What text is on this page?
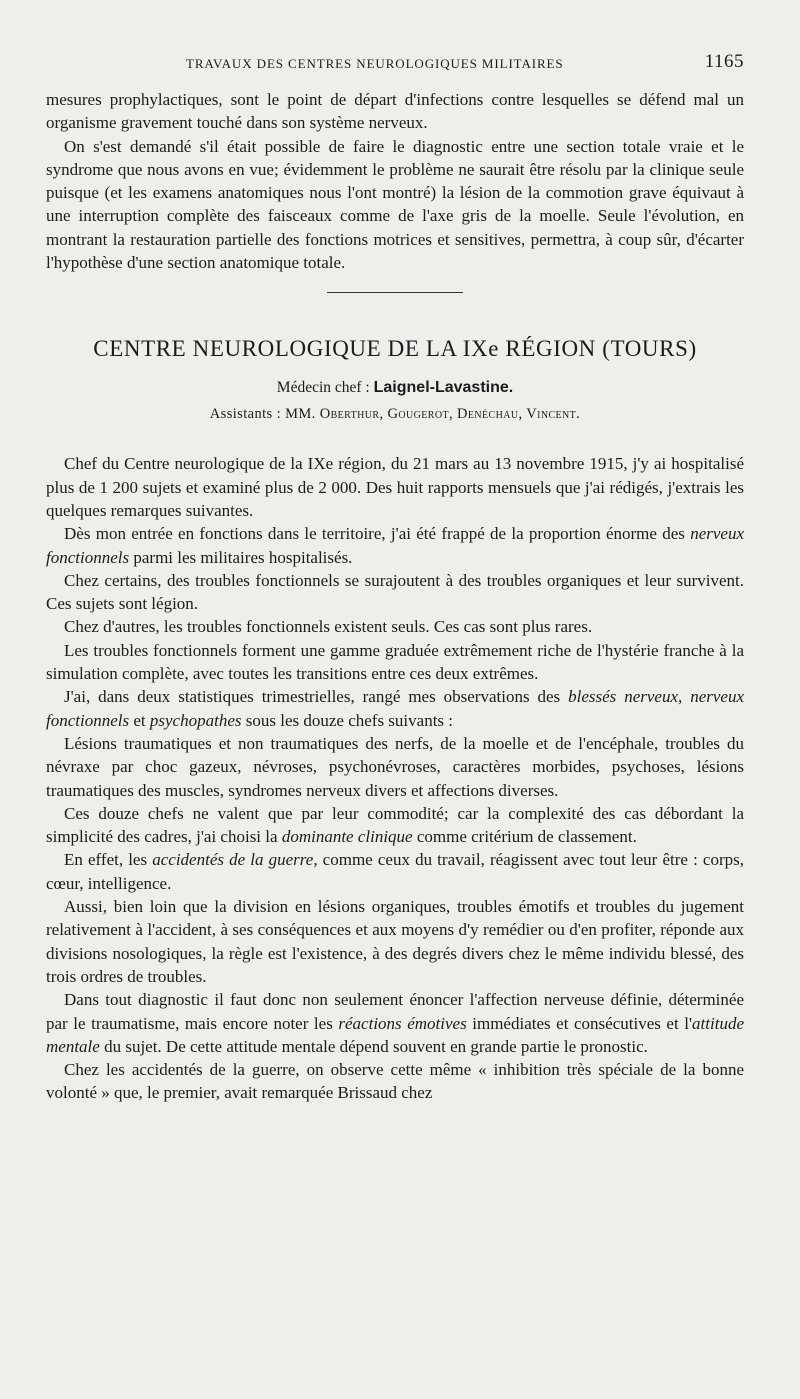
TRAVAUX DES CENTRES NEUROLOGIQUES MILITAIRES	1165

mesures prophylactiques, sont le point de départ d'infections contre lesquelles se défend mal un organisme gravement touché dans son système nerveux.

On s'est demandé s'il était possible de faire le diagnostic entre une section totale vraie et le syndrome que nous avons en vue; évidemment le problème ne saurait être résolu par la clinique seule puisque (et les examens anatomiques nous l'ont montré) la lésion de la commotion grave équivaut à une interruption complète des faisceaux comme de l'axe gris de la moelle. Seule l'évolution, en montrant la restauration partielle des fonctions motrices et sensitives, permettra, à coup sûr, d'écarter l'hypothèse d'une section anatomique totale.

CENTRE NEUROLOGIQUE DE LA IXe RÉGION (TOURS)
Médecin chef : Laignel-Lavastine.
Assistants : MM. Oberthur, Gougerot, Denéchau, Vincent.

Chef du Centre neurologique de la IXe région, du 21 mars au 13 novembre 1915, j'y ai hospitalisé plus de 1 200 sujets et examiné plus de 2 000. Des huit rapports mensuels que j'ai rédigés, j'extrais les quelques remarques suivantes.

Dès mon entrée en fonctions dans le territoire, j'ai été frappé de la proportion énorme des nerveux fonctionnels parmi les militaires hospitalisés.

Chez certains, des troubles fonctionnels se surajoutent à des troubles organiques et leur survivent. Ces sujets sont légion.

Chez d'autres, les troubles fonctionnels existent seuls. Ces cas sont plus rares.

Les troubles fonctionnels forment une gamme graduée extrêmement riche de l'hystérie franche à la simulation complète, avec toutes les transitions entre ces deux extrêmes.

J'ai, dans deux statistiques trimestrielles, rangé mes observations des blessés nerveux, nerveux fonctionnels et psychopathes sous les douze chefs suivants :

Lésions traumatiques et non traumatiques des nerfs, de la moelle et de l'encéphale, troubles du névraxe par choc gazeux, névroses, psychonévroses, caractères morbides, psychoses, lésions traumatiques des muscles, syndromes nerveux divers et affections diverses.

Ces douze chefs ne valent que par leur commodité; car la complexité des cas débordant la simplicité des cadres, j'ai choisi la dominante clinique comme critérium de classement.

En effet, les accidentés de la guerre, comme ceux du travail, réagissent avec tout leur être : corps, cœur, intelligence.

Aussi, bien loin que la division en lésions organiques, troubles émotifs et troubles du jugement relativement à l'accident, à ses conséquences et aux moyens d'y remédier ou d'en profiter, réponde aux divisions nosologiques, la règle est l'existence, à des degrés divers chez le même individu blessé, des trois ordres de troubles.

Dans tout diagnostic il faut donc non seulement énoncer l'affection nerveuse définie, déterminée par le traumatisme, mais encore noter les réactions émotives immédiates et consécutives et l'attitude mentale du sujet. De cette attitude mentale dépend souvent en grande partie le pronostic.

Chez les accidentés de la guerre, on observe cette même « inhibition très spéciale de la bonne volonté » que, le premier, avait remarquée Brissaud chez
